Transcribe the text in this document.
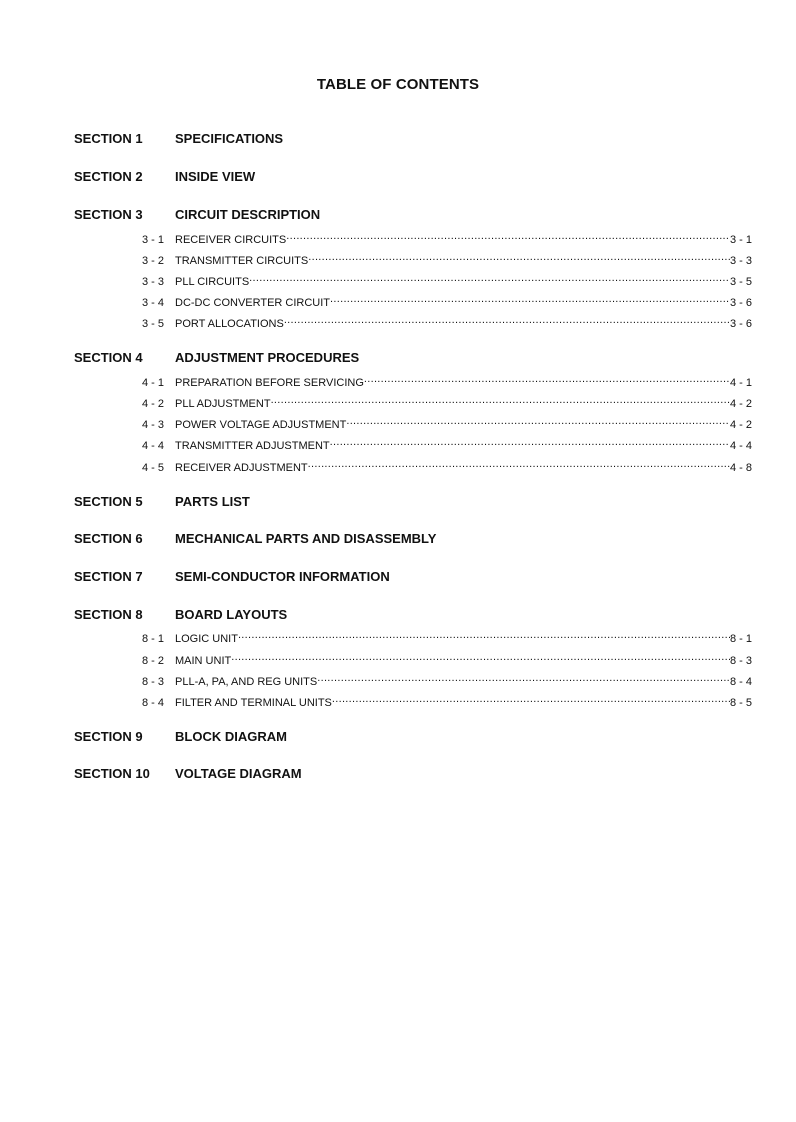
TABLE OF CONTENTS
SECTION 1 SPECIFICATIONS
SECTION 2 INSIDE VIEW
SECTION 3 CIRCUIT DESCRIPTION
3 - 1 RECEIVER CIRCUITS .....	3 - 1
3 - 2 TRANSMITTER CIRCUITS .....	3 - 3
3 - 3 PLL CIRCUITS .....	3 - 5
3 - 4 DC-DC CONVERTER CIRCUIT .....	3 - 6
3 - 5 PORT ALLOCATIONS .....	3 - 6
SECTION 4 ADJUSTMENT PROCEDURES
4 - 1 PREPARATION BEFORE SERVICING .....	4 - 1
4 - 2 PLL ADJUSTMENT .....	4 - 2
4 - 3 POWER VOLTAGE ADJUSTMENT .....	4 - 2
4 - 4 TRANSMITTER ADJUSTMENT .....	4 - 4
4 - 5 RECEIVER ADJUSTMENT .....	4 - 8
SECTION 5 PARTS LIST
SECTION 6 MECHANICAL PARTS AND DISASSEMBLY
SECTION 7 SEMI-CONDUCTOR INFORMATION
SECTION 8 BOARD LAYOUTS
8 - 1 LOGIC UNIT .....	8 - 1
8 - 2 MAIN UNIT .....	8 - 3
8 - 3 PLL-A, PA, AND REG UNITS .....	8 - 4
8 - 4 FILTER AND TERMINAL UNITS .....	8 - 5
SECTION 9 BLOCK DIAGRAM
SECTION 10 VOLTAGE DIAGRAM
